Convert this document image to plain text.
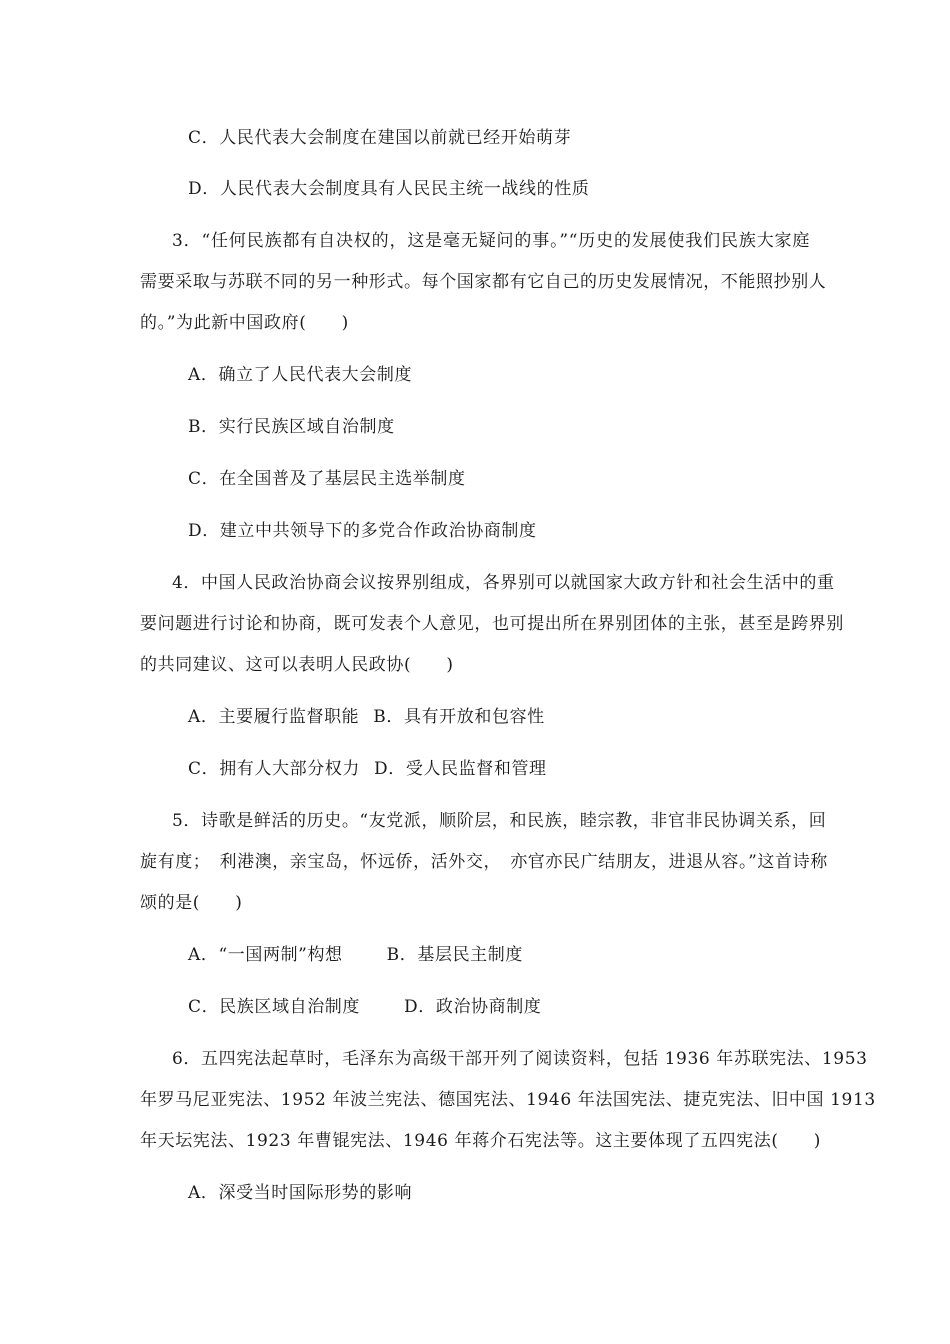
C．人民代表大会制度在建国以前就已经开始萌芽
D．人民代表大会制度具有人民民主统一战线的性质
3．“任何民族都有自决权的，这是毫无疑问的事。”“历史的发展使我们民族大家庭
需要采取与苏联不同的另一种形式。每个国家都有它自己的历史发展情况，不能照抄别人
的。”为此新中国政府(　　)
A．确立了人民代表大会制度
B．实行民族区域自治制度
C．在全国普及了基层民主选举制度
D．建立中共领导下的多党合作政治协商制度
4．中国人民政治协商会议按界别组成，各界别可以就国家大政方针和社会生活中的重
要问题进行讨论和协商，既可发表个人意见，也可提出所在界别团体的主张，甚至是跨界别
的共同建议、这可以表明人民政协(　　)
A．主要履行监督职能 B．具有开放和包容性
C．拥有人大部分权力 D．受人民监督和管理
5．诗歌是鲜活的历史。“友党派，顺阶层，和民族，睦宗教，非官非民协调关系，回
旋有度；　利港澳，亲宝岛，怀远侨，活外交，　亦官亦民广结朋友，进退从容。”这首诗称
颂的是(　　)
A．“一国两制”构想	B．基层民主制度
C．民族区域自治制度	D．政治协商制度
6．五四宪法起草时，毛泽东为高级干部开列了阅读资料，包括 1936 年苏联宪法、1953
年罗马尼亚宪法、1952 年波兰宪法、德国宪法、1946 年法国宪法、捷克宪法、旧中国 1913
年天坛宪法、1923 年曹锟宪法、1946 年蒋介石宪法等。这主要体现了五四宪法(　　)
A．深受当时国际形势的影响
